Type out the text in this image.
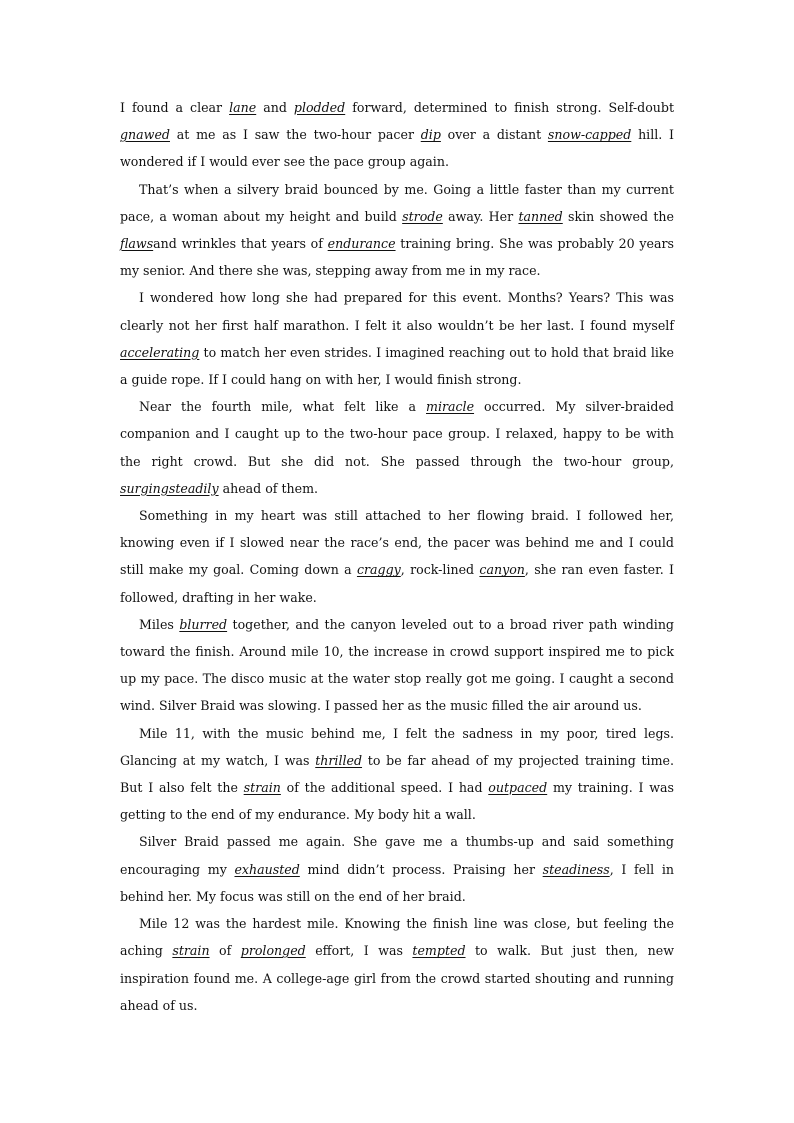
I found a clear lane and plodded forward, determined to finish strong. Self-doubt gnawed at me as I saw the two-hour pacer dip over a distant snow-capped hill. I wondered if I would ever see the pace group again.

That’s when a silvery braid bounced by me. Going a little faster than my current pace, a woman about my height and build strode away. Her tanned skin showed the flawsand wrinkles that years of endurance training bring. She was probably 20 years my senior. And there she was, stepping away from me in my race.

I wondered how long she had prepared for this event. Months? Years? This was clearly not her first half marathon. I felt it also wouldn’t be her last. I found myself accelerating to match her even strides. I imagined reaching out to hold that braid like a guide rope. If I could hang on with her, I would finish strong.

Near the fourth mile, what felt like a miracle occurred. My silver-braided companion and I caught up to the two-hour pace group. I relaxed, happy to be with the right crowd. But she did not. She passed through the two-hour group, surgingsteadily ahead of them.

Something in my heart was still attached to her flowing braid. I followed her, knowing even if I slowed near the race’s end, the pacer was behind me and I could still make my goal. Coming down a craggy, rock-lined canyon, she ran even faster. I followed, drafting in her wake.

Miles blurred together, and the canyon leveled out to a broad river path winding toward the finish. Around mile 10, the increase in crowd support inspired me to pick up my pace. The disco music at the water stop really got me going. I caught a second wind. Silver Braid was slowing. I passed her as the music filled the air around us.

Mile 11, with the music behind me, I felt the sadness in my poor, tired legs. Glancing at my watch, I was thrilled to be far ahead of my projected training time. But I also felt the strain of the additional speed. I had outpaced my training. I was getting to the end of my endurance. My body hit a wall.

Silver Braid passed me again. She gave me a thumbs-up and said something encouraging my exhausted mind didn’t process. Praising her steadiness, I fell in behind her. My focus was still on the end of her braid.

Mile 12 was the hardest mile. Knowing the finish line was close, but feeling the aching strain of prolonged effort, I was tempted to walk. But just then, new inspiration found me. A college-age girl from the crowd started shouting and running ahead of us.
